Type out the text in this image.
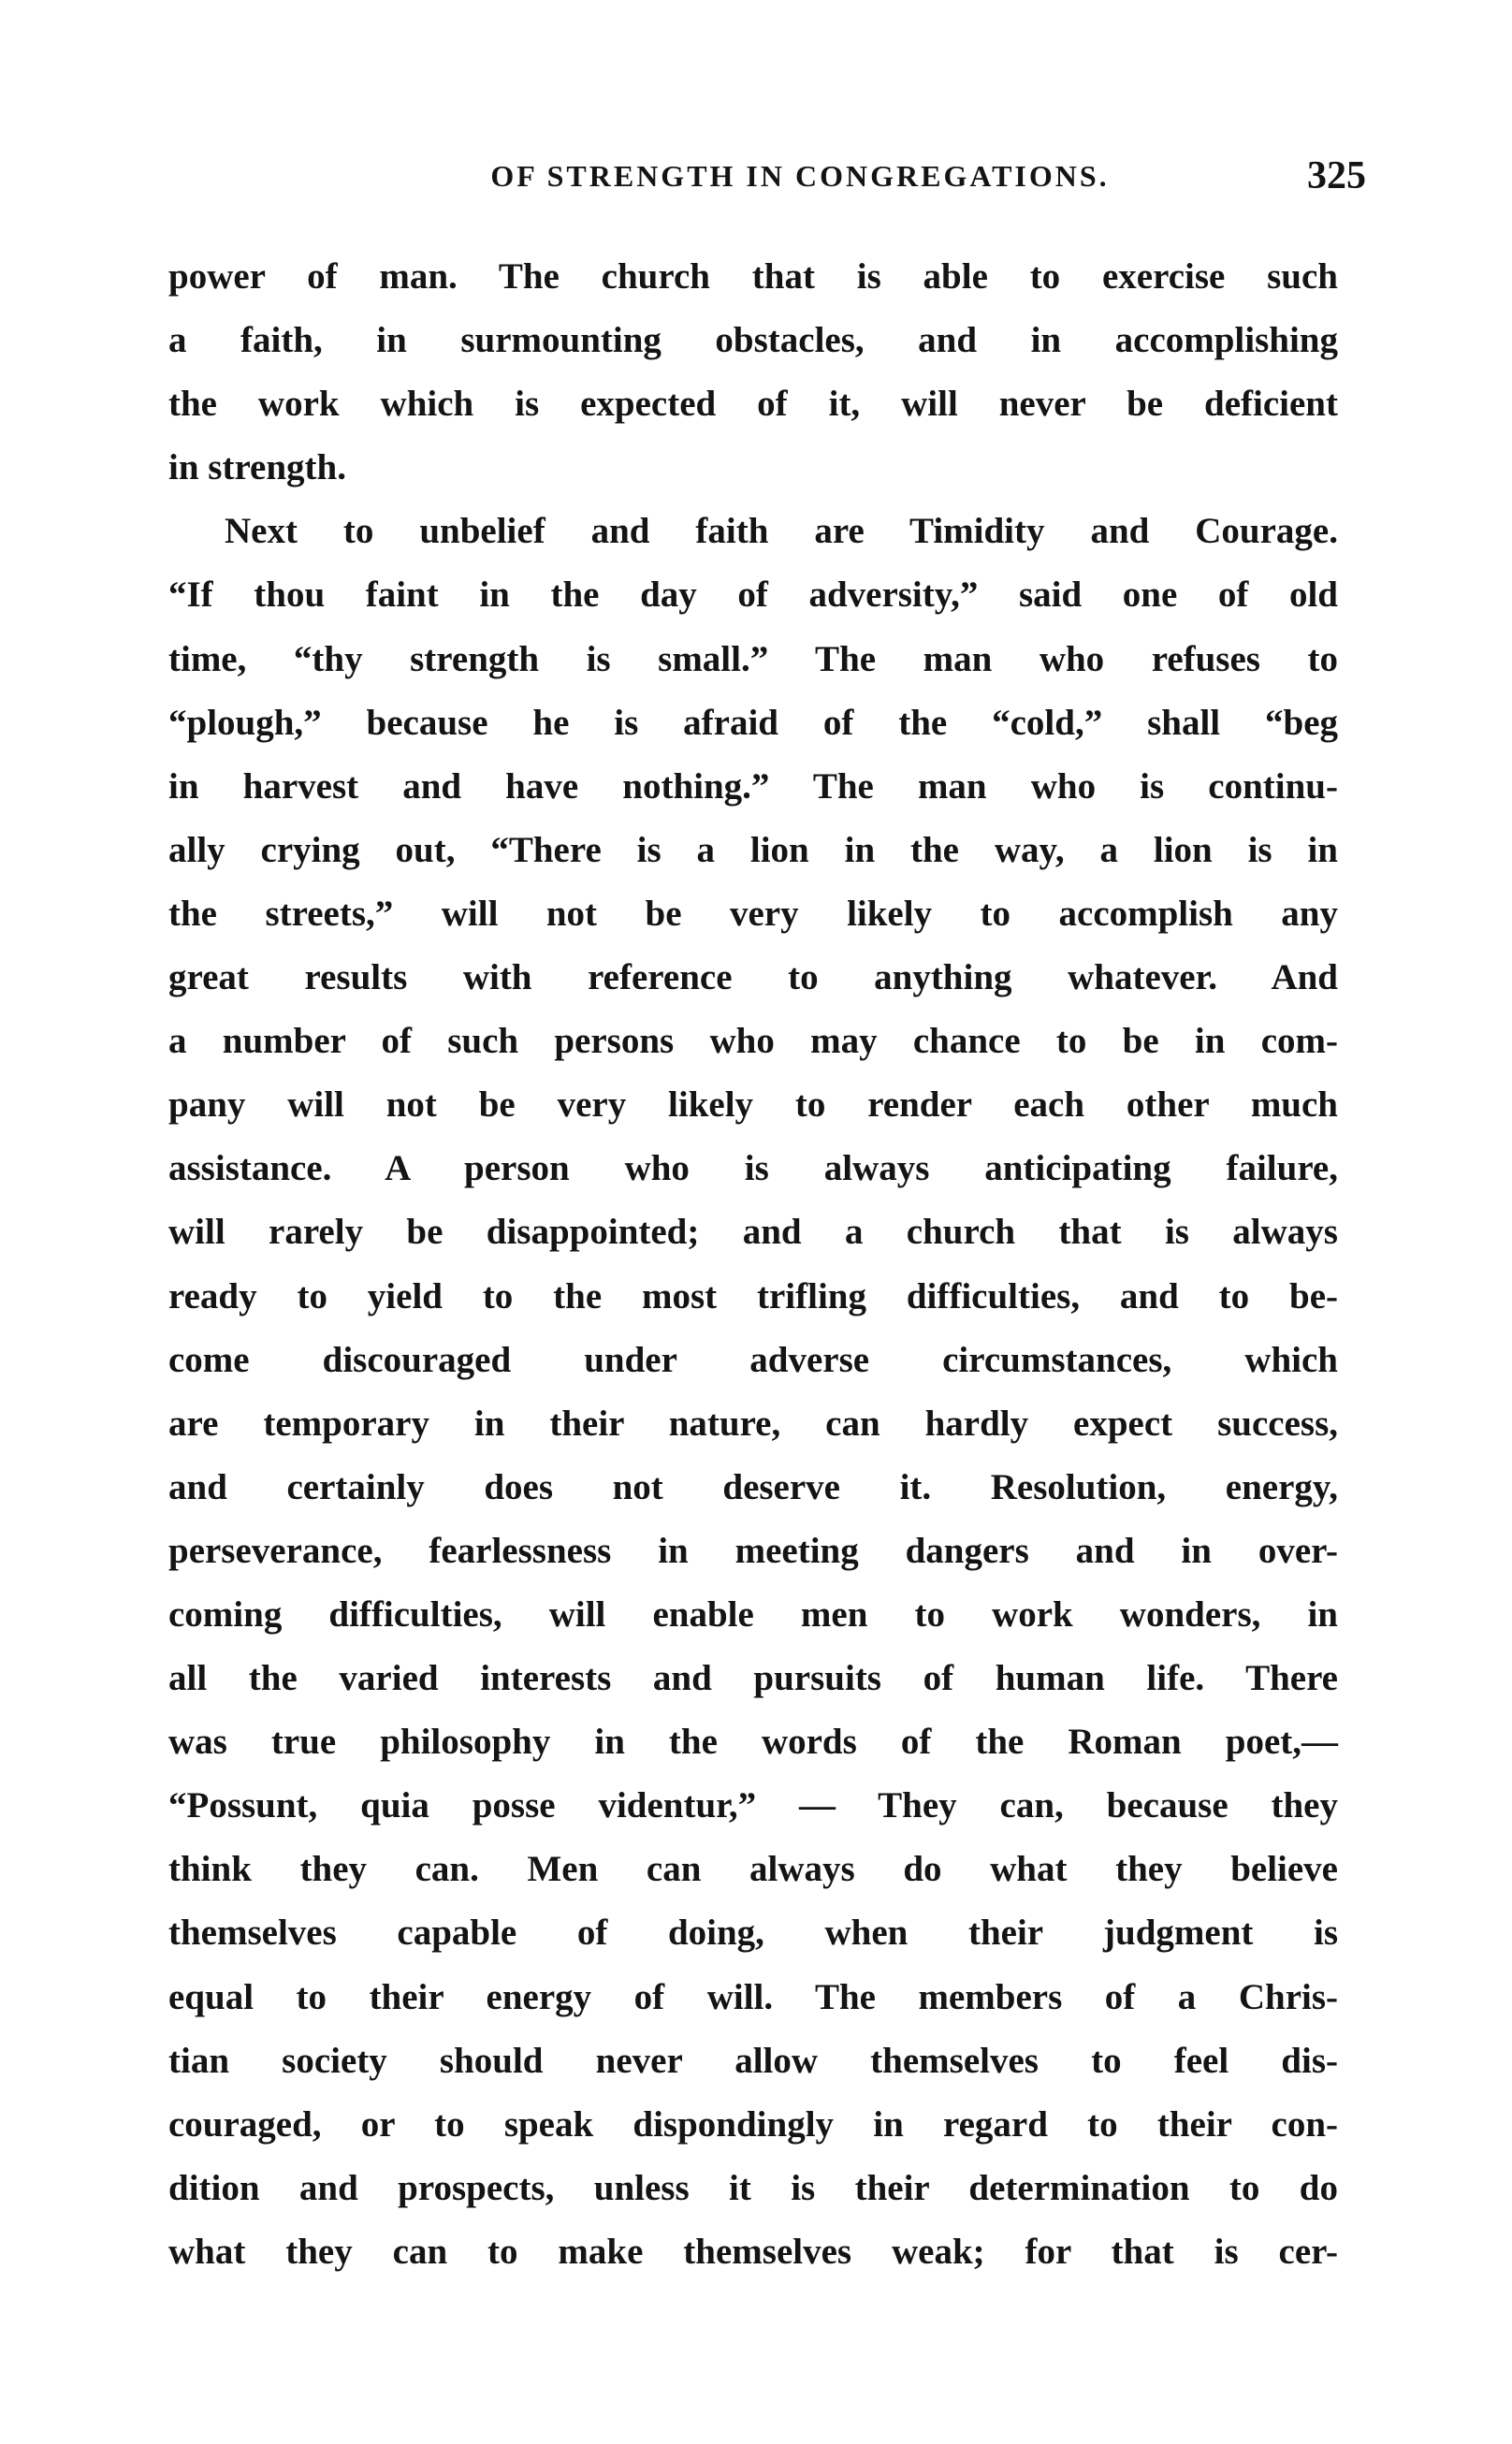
OF STRENGTH IN CONGREGATIONS.	325
power of man. The church that is able to exercise such
a faith, in surmounting obstacles, and in accomplishing
the work which is expected of it, will never be deficient
in strength.
Next to unbelief and faith are Timidity and Courage.
“If thou faint in the day of adversity,” said one of old
time, “thy strength is small.” The man who refuses to
“plough,” because he is afraid of the “cold,” shall “beg
in harvest and have nothing.” The man who is continu-
ally crying out, “There is a lion in the way, a lion is in
the streets,” will not be very likely to accomplish any
great results with reference to anything whatever. And
a number of such persons who may chance to be in com-
pany will not be very likely to render each other much
assistance. A person who is always anticipating failure,
will rarely be disappointed; and a church that is always
ready to yield to the most trifling difficulties, and to be-
come discouraged under adverse circumstances, which
are temporary in their nature, can hardly expect success,
and certainly does not deserve it. Resolution, energy,
perseverance, fearlessness in meeting dangers and in over-
coming difficulties, will enable men to work wonders, in
all the varied interests and pursuits of human life. There
was true philosophy in the words of the Roman poet,—
“Possunt, quia posse videntur,” — They can, because they
think they can. Men can always do what they believe
themselves capable of doing, when their judgment is
equal to their energy of will. The members of a Chris-
tian society should never allow themselves to feel dis-
couraged, or to speak dispondingly in regard to their con-
dition and prospects, unless it is their determination to do
what they can to make themselves weak; for that is cer-
